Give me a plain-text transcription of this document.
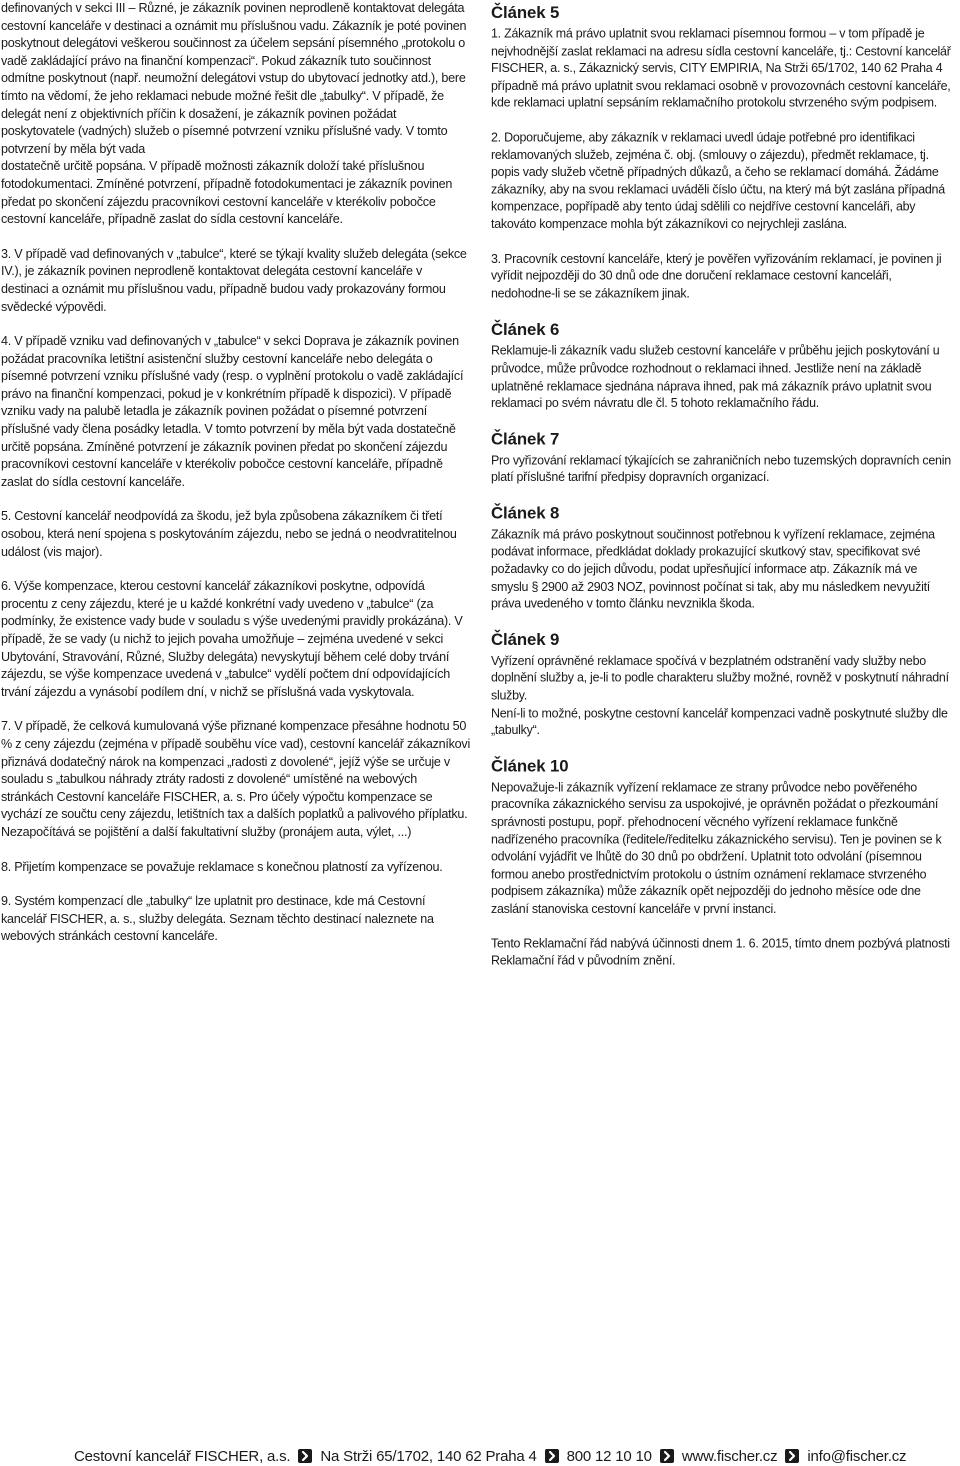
definovaných v sekci III – Různé, je zákazník povinen neprodleně kontaktovat delegáta cestovní kanceláře v destinaci a oznámit mu příslušnou vadu. Zákazník je poté povinen poskytnout delegátovi veškerou součinnost za účelem sepsání písemného „protokolu o vadě zakládající právo na finanční kompenzaci“. Pokud zákazník tuto součinnost odmítne poskytnout (např. neumožní delegátovi vstup do ubytovací jednotky atd.), bere tímto na vědomí, že jeho reklamaci nebude možné řešit dle „tabulky“. V případě, že delegát není z objektivních příčin k dosažení, je zákazník povinen požádat poskytovatele (vadných) služeb o písemné potvrzení vzniku příslušné vady. V tomto potvrzení by měla být vada

dostatečně určitě popsána. V případě možnosti zákazník doloží také příslušnou fotodokumentaci. Zmíněné potvrzení, případně fotodokumentaci je zákazník povinen předat po skončení zájezdu pracovníkovi cestovní kanceláře v kterékoliv pobočce cestovní kanceláře, případně zaslat do sídla cestovní kanceláře.

3. V případě vad definovaných v „tabulce“, které se týkají kvality služeb delegáta (sekce IV.), je zákazník povinen neprodleně kontaktovat delegáta cestovní kanceláře v destinaci a oznámit mu příslušnou vadu, případně budou vady prokazovány formou svědecké výpovědi.

4. V případě vzniku vad definovaných v „tabulce“ v sekci Doprava je zákazník povinen požádat pracovníka letištní asistenční služby cestovní kanceláře nebo delegáta o písemné potvrzení vzniku příslušné vady (resp. o vyplnění protokolu o vadě zakládající právo na finanční kompenzaci, pokud je v konkrétním případě k dispozici). V případě vzniku vady na palubě letadla je zákazník povinen požádat o písemné potvrzení příslušné vady člena posádky letadla. V tomto potvrzení by měla být vada dostatečně určitě popsána. Zmíněné potvrzení je zákazník povinen předat po skončení zájezdu pracovníkovi cestovní kanceláře v kterékoliv pobočce cestovní kanceláře, případně zaslat do sídla cestovní kanceláře.

5. Cestovní kancelář neodpovídá za škodu, jež byla způsobena zákazníkem či třetí osobou, která není spojena s poskytováním zájezdu, nebo se jedná o neodvratitelnou událost (vis major).

6. Výše kompenzace, kterou cestovní kancelář zákazníkovi poskytne, odpovídá procentu z ceny zájezdu, které je u každé konkrétní vady uvedeno v „tabulce“ (za podmínky, že existence vady bude v souladu s výše uvedenými pravidly prokázána). V případě, že se vady (u nichž to jejich povaha umožňuje – zejména uvedené v sekci Ubytování, Stravování, Různé, Služby delegáta) nevyskytují během celé doby trvání zájezdu, se výše kompenzace uvedená v „tabulce“ vydělí počtem dní odpovídajících trvání zájezdu a vynásobí podílem dní, v nichž se příslušná vada vyskytovala.

7. V případě, že celková kumulovaná výše přiznané kompenzace přesáhne hodnotu 50 % z ceny zájezdu (zejména v případě souběhu více vad), cestovní kancelář zákazníkovi přiznává dodatečný nárok na kompenzaci „radosti z dovolené“, jejíž výše se určuje v souladu s „tabulkou náhrady ztráty radosti z dovolené“ umístěné na webových stránkách Cestovní kanceláře FISCHER, a. s. Pro účely výpočtu kompenzace se vychází ze součtu ceny zájezdu, letištních tax a dalších poplatků a palivového příplatku. Nezapočítává se pojištění a další fakultativní služby (pronájem auta, výlet, ...)

8. Přijetím kompenzace se považuje reklamace s konečnou platností za vyřízenou.

9. Systém kompenzací dle „tabulky“ lze uplatnit pro destinace, kde má Cestovní kancelář FISCHER, a. s., služby delegáta. Seznam těchto destinací naleznete na webových stránkách cestovní kanceláře.

Článek 5

1. Zákazník má právo uplatnit svou reklamaci písemnou formou – v tom případě je nejvhodnější zaslat reklamaci na adresu sídla cestovní kanceláře, tj.: Cestovní kancelář FISCHER, a. s., Zákaznický servis, CITY EMPIRIA, Na Strži 65/1702, 140 62 Praha 4 případně má právo uplatnit svou reklamaci osobně v provozovnách cestovní kanceláře, kde reklamaci uplatní sepsáním reklamačního protokolu stvrzeného svým podpisem.

2. Doporučujeme, aby zákazník v reklamaci uvedl údaje potřebné pro identifikaci reklamovaných služeb, zejména č. obj. (smlouvy o zájezdu), předmět reklamace, tj. popis vady služeb včetně případných důkazů, a čeho se reklamací domáhá. Žádáme zákazníky, aby na svou reklamaci uváděli číslo účtu, na který má být zaslána případná kompenzace, popřípadě aby tento údaj sdělili co nejdříve cestovní kanceláři, aby takováto kompenzace mohla být zákazníkovi co nejrychleji zaslána.

3. Pracovník cestovní kanceláře, který je pověřen vyřizováním reklamací, je povinen ji vyřídit nejpozději do 30 dnů ode dne doručení reklamace cestovní kanceláři, nedohodne-li se se zákazníkem jinak.

Článek 6

Reklamuje-li zákazník vadu služeb cestovní kanceláře v průběhu jejich poskytování u průvodce, může průvodce rozhodnout o reklamaci ihned. Jestliže není na základě uplatněné reklamace sjednána náprava ihned, pak má zákazník právo uplatnit svou reklamaci po svém návratu dle čl. 5 tohoto reklamačního řádu.

Článek 7

Pro vyřizování reklamací týkajících se zahraničních nebo tuzemských dopravních cenin platí příslušné tarifní předpisy dopravních organizací.

Článek 8

Zákazník má právo poskytnout součinnost potřebnou k vyřízení reklamace, zejména podávat informace, předkládat doklady prokazující skutkový stav, specifikovat své požadavky co do jejich důvodu, podat upřesňující informace atp. Zákazník má ve smyslu § 2900 až 2903 NOZ, povinnost počínat si tak, aby mu následkem nevyužití práva uvedeného v tomto článku nevznikla škoda.

Článek 9

Vyřízení oprávněné reklamace spočívá v bezplatném odstranění vady služby nebo doplnění služby a, je-li to podle charakteru služby možné, rovněž v poskytnutí náhradní služby.

Není-li to možné, poskytne cestovní kancelář kompenzaci vadně poskytnuté služby dle „tabulky“.

Článek 10

Nepovažuje-li zákazník vyřízení reklamace ze strany průvodce nebo pověřeného pracovníka zákaznického servisu za uspokojivé, je oprávněn požádat o přezkoumání správnosti postupu, popř. přehodnocení věcného vyřízení reklamace funkčně nadřízeného pracovníka (ředitele/ředitelku zákaznického servisu). Ten je povinen se k odvolání vyjádřit ve lhůtě do 30 dnů po obdržení. Uplatnit toto odvolání (písemnou formou anebo prostřednictvím protokolu o ústním oznámení reklamace stvrzeného podpisem zákazníka) může zákazník opět nejpozději do jednoho měsíce ode dne zaslání stanoviska cestovní kanceláře v první instanci.

Tento Reklamační řád nabývá účinnosti dnem 1. 6. 2015, tímto dnem pozbývá platnosti Reklamační řád v původním znění.

Cestovní kancelář FISCHER, a.s. Na Strži 65/1702, 140 62 Praha 4 800 12 10 10 www.fischer.cz info@fischer.cz
